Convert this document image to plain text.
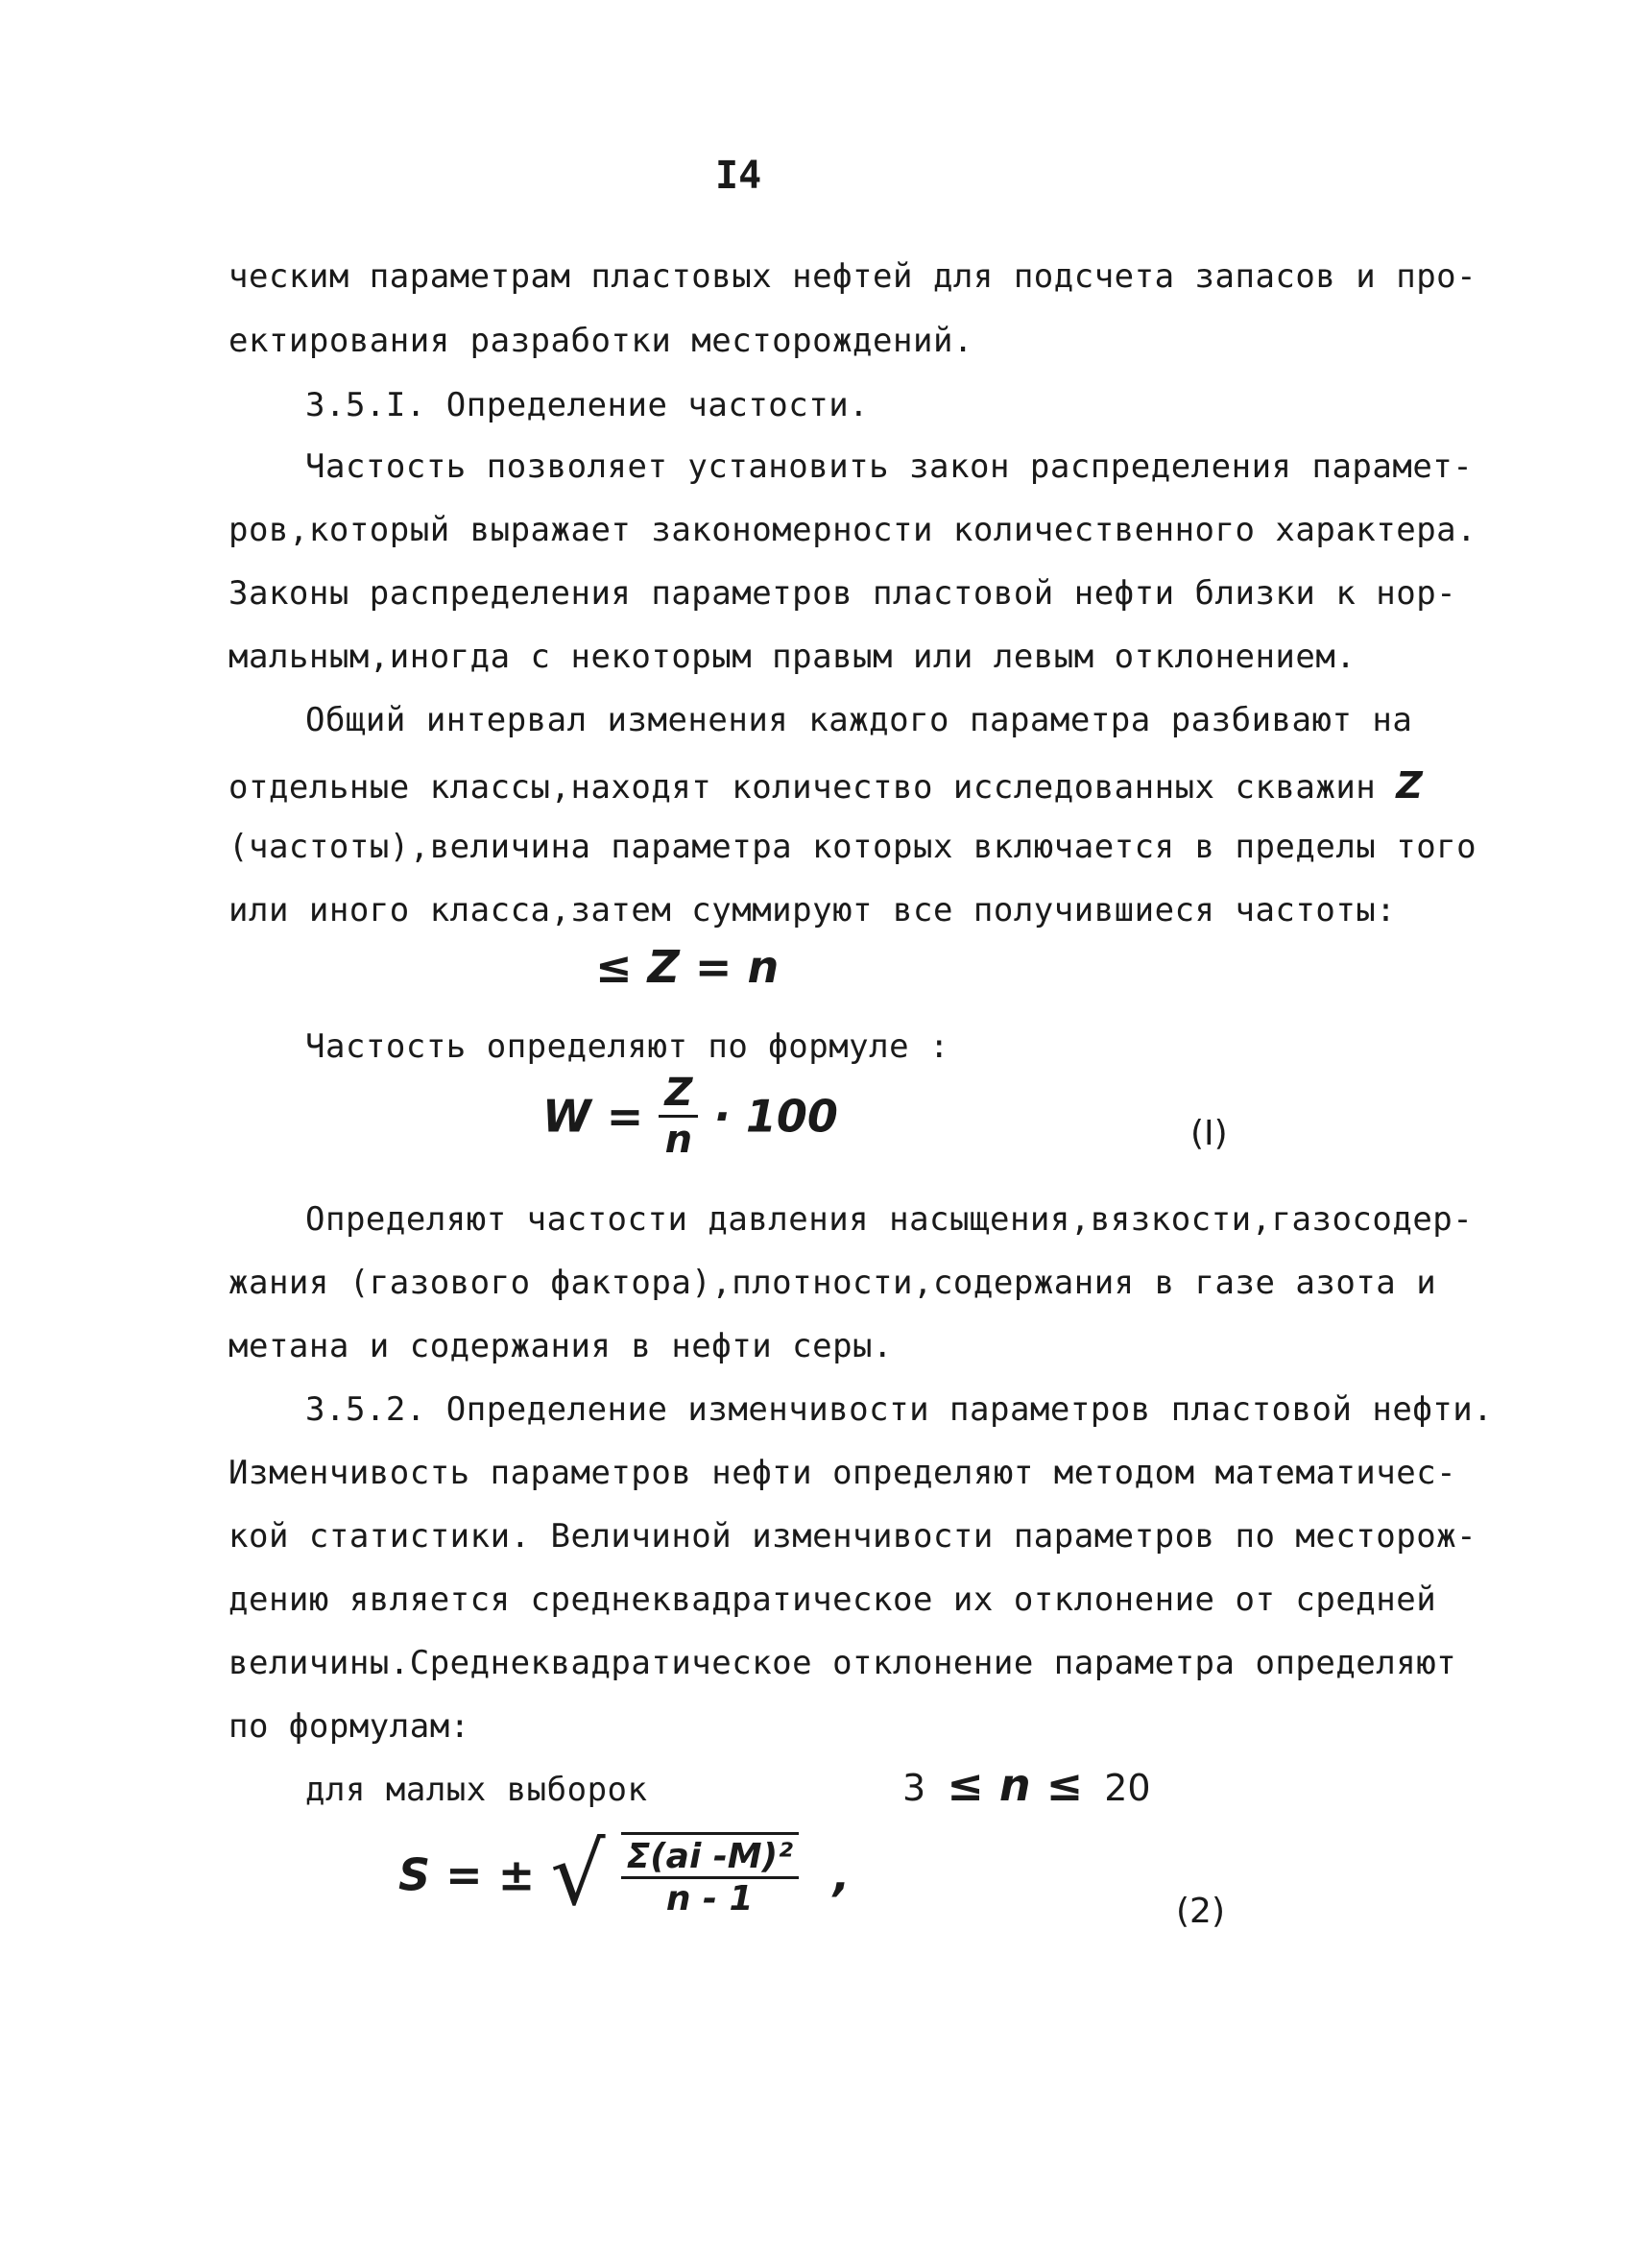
I4
ческим параметрам пластовых нефтей для подсчета запасов и про-
ектирования разработки месторождений.
3.5.I. Определение частости.
Частость позволяет установить закон распределения парамет-
ров,который выражает закономерности количественного характера.
Законы распределения параметров пластовой нефти близки к нор-
мальным,иногда с некоторым правым или левым отклонением.
Общий интервал изменения каждого параметра разбивают на
отдельные классы,находят количество исследованных скважин Z
(частоты),величина параметра которых включается в пределы того
или иного класса,затем суммируют все получившиеся частоты:
≤ Z = n
Частость определяют по формуле :
$W = \frac{Z}{n} \cdot 100$	(I)
Определяют частости давления насыщения,вязкости,газосодер-
жания (газового фактора),плотности,содержания в газе азота и
метана и содержания в нефти серы.
3.5.2. Определение изменчивости параметров пластовой нефти.
Изменчивость параметров нефти определяют методом математичес-
кой статистики. Величиной изменчивости параметров по месторож-
дению является среднеквадратическое их отклонение от средней
величины.Среднеквадратическое отклонение параметра определяют
по формулам:
для малых выборок	3 ≤ n ≤ 20
S = ± √ $\frac{\text{Σ(ai -M)²}}{n - 1}$ ,
(2)
